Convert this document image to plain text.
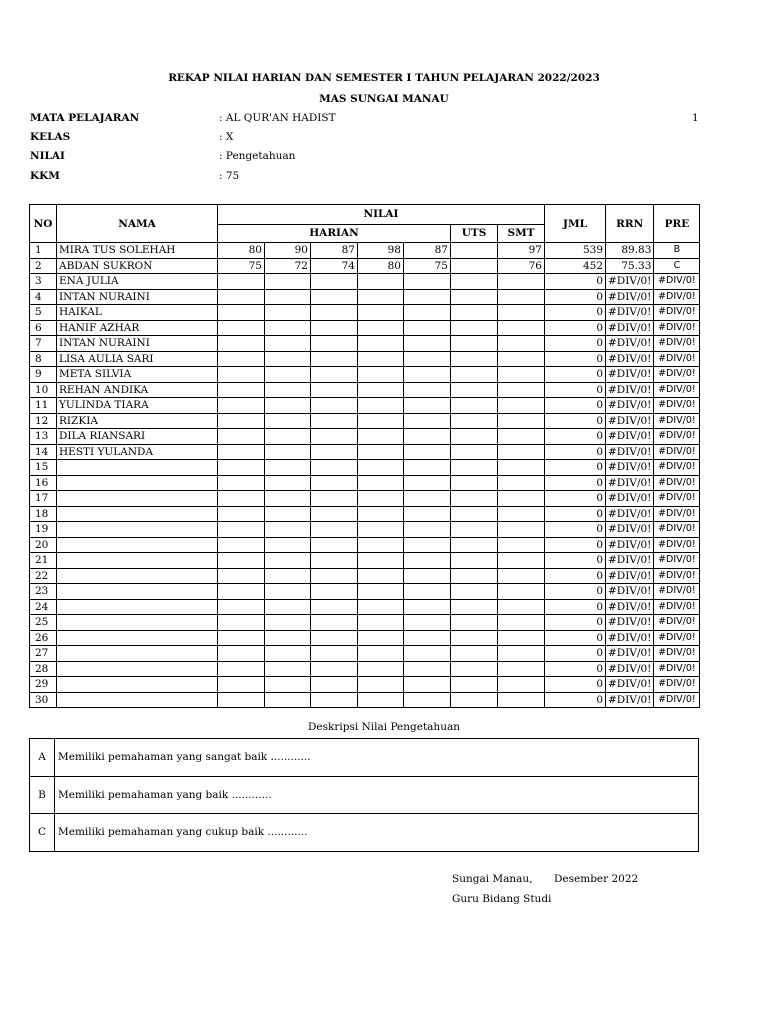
REKAP NILAI HARIAN DAN SEMESTER I TAHUN PELAJARAN 2022/2023
MAS SUNGAI MANAU
MATA PELAJARAN	: AL QUR'AN HADIST
KELAS	: X
NILAI	: Pengetahuan
KKM	: 75
1
NO	NAMA	NILAI							JML	RRN	PRE
		HARIAN					UTS	SMT			
1	MIRA TUS SOLEHAH	80	90	87	98	87		97	539	89.83	B
2	ABDAN SUKRON	75	72	74	80	75		76	452	75.33	C
3	ENA JULIA								0	#DIV/0!	#DIV/0!
4	INTAN NURAINI								0	#DIV/0!	#DIV/0!
5	HAIKAL								0	#DIV/0!	#DIV/0!
6	HANIF AZHAR								0	#DIV/0!	#DIV/0!
7	INTAN NURAINI								0	#DIV/0!	#DIV/0!
8	LISA AULIA SARI								0	#DIV/0!	#DIV/0!
9	META SILVIA								0	#DIV/0!	#DIV/0!
10	REHAN ANDIKA								0	#DIV/0!	#DIV/0!
11	YULINDA TIARA								0	#DIV/0!	#DIV/0!
12	RIZKIA								0	#DIV/0!	#DIV/0!
13	DILA RIANSARI								0	#DIV/0!	#DIV/0!
14	HESTI YULANDA								0	#DIV/0!	#DIV/0!
15									0	#DIV/0!	#DIV/0!
16									0	#DIV/0!	#DIV/0!
17									0	#DIV/0!	#DIV/0!
18									0	#DIV/0!	#DIV/0!
19									0	#DIV/0!	#DIV/0!
20									0	#DIV/0!	#DIV/0!
21									0	#DIV/0!	#DIV/0!
22									0	#DIV/0!	#DIV/0!
23									0	#DIV/0!	#DIV/0!
24									0	#DIV/0!	#DIV/0!
25									0	#DIV/0!	#DIV/0!
26									0	#DIV/0!	#DIV/0!
27									0	#DIV/0!	#DIV/0!
28									0	#DIV/0!	#DIV/0!
29									0	#DIV/0!	#DIV/0!
30									0	#DIV/0!	#DIV/0!
Deskripsi Nilai Pengetahuan
A	Memiliki pemahaman yang sangat baik ............
B	Memiliki pemahaman yang baik ............
C	Memiliki pemahaman yang cukup baik ............
Sungai Manau, Desember 2022
Guru Bidang Studi
